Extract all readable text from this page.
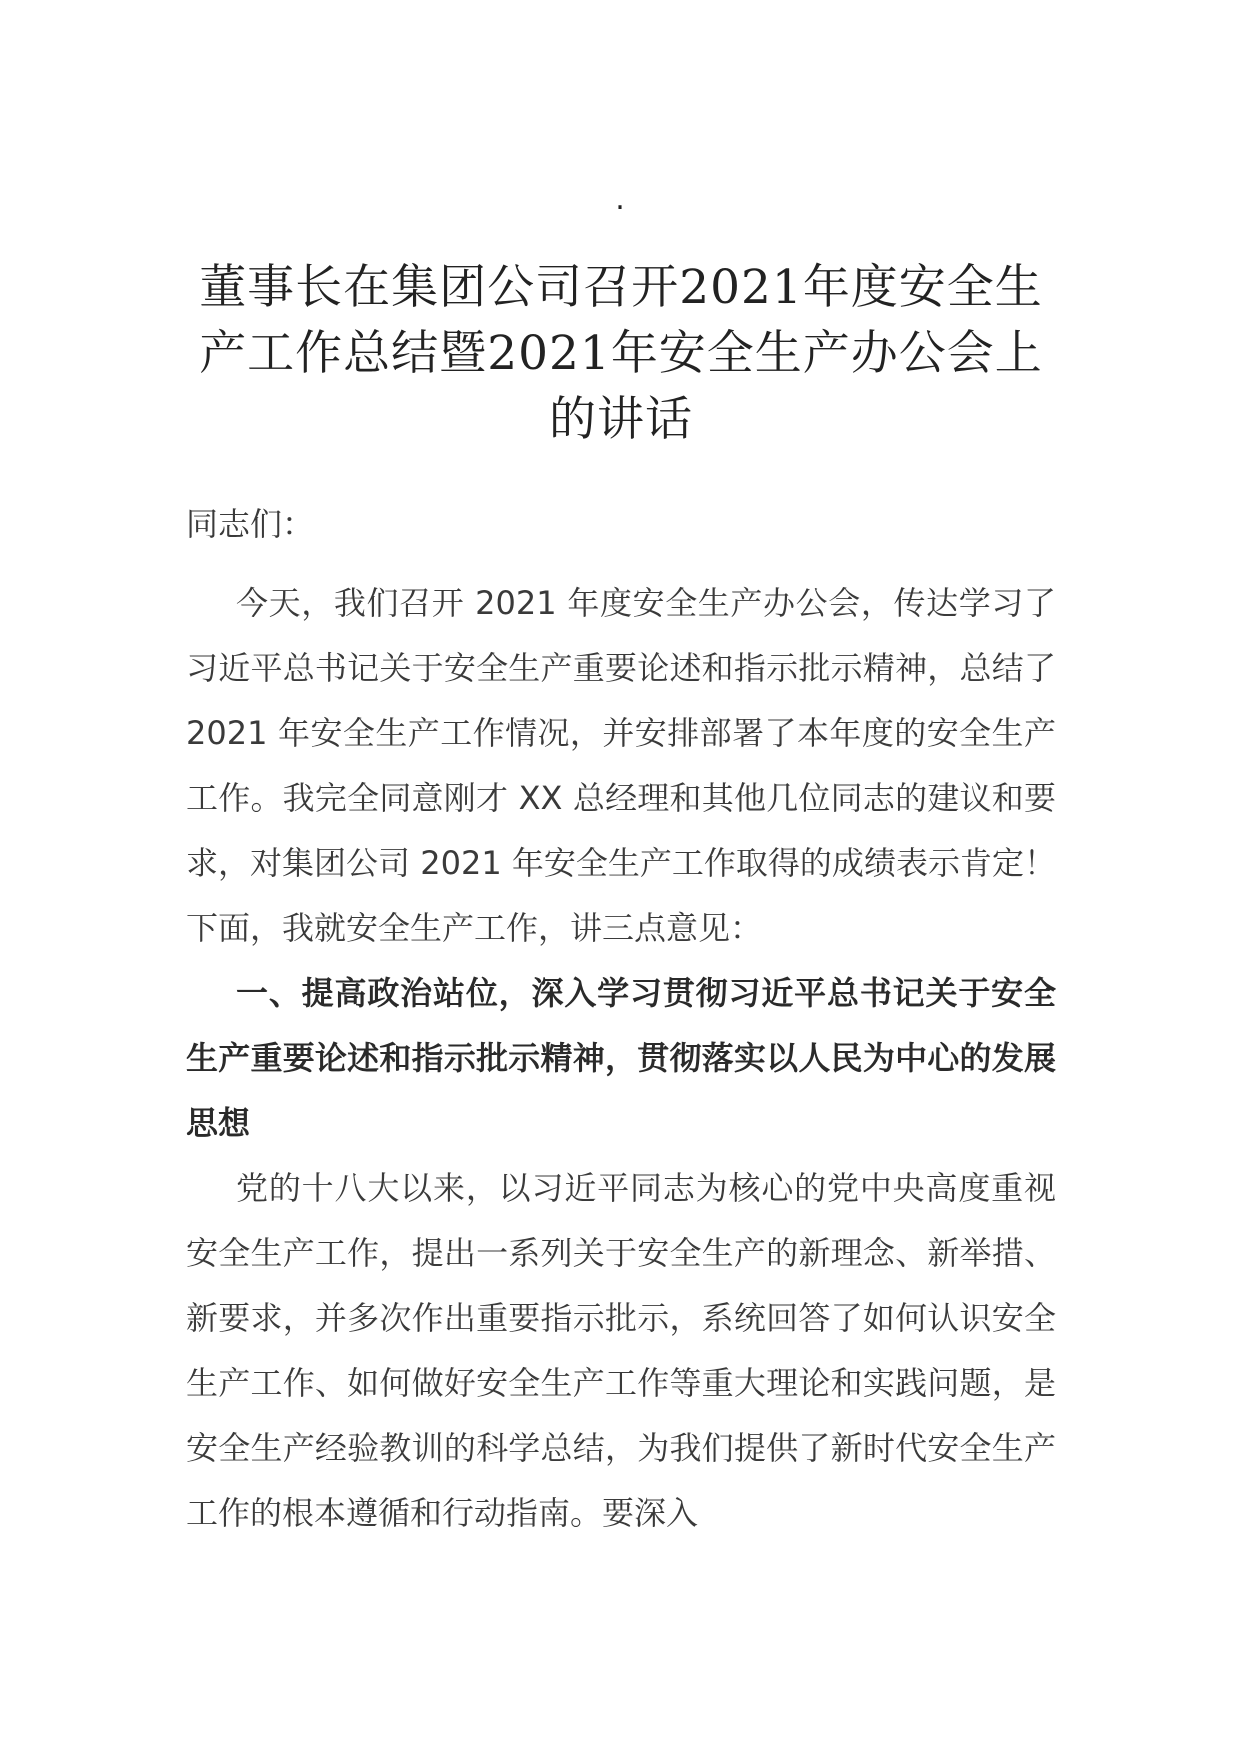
.
董事长在集团公司召开2021年度安全生产工作总结暨2021年安全生产办公会上的讲话

同志们：

今天，我们召开 2021 年度安全生产办公会，传达学习了习近平总书记关于安全生产重要论述和指示批示精神，总结了 2021 年安全生产工作情况，并安排部署了本年度的安全生产工作。我完全同意刚才 XX 总经理和其他几位同志的建议和要求，对集团公司 2021 年安全生产工作取得的成绩表示肯定！下面，我就安全生产工作，讲三点意见：

一、提高政治站位，深入学习贯彻习近平总书记关于安全生产重要论述和指示批示精神，贯彻落实以人民为中心的发展思想

党的十八大以来，以习近平同志为核心的党中央高度重视安全生产工作，提出一系列关于安全生产的新理念、新举措、新要求，并多次作出重要指示批示，系统回答了如何认识安全生产工作、如何做好安全生产工作等重大理论和实践问题，是安全生产经验教训的科学总结，为我们提供了新时代安全生产工作的根本遵循和行动指南。要深入
